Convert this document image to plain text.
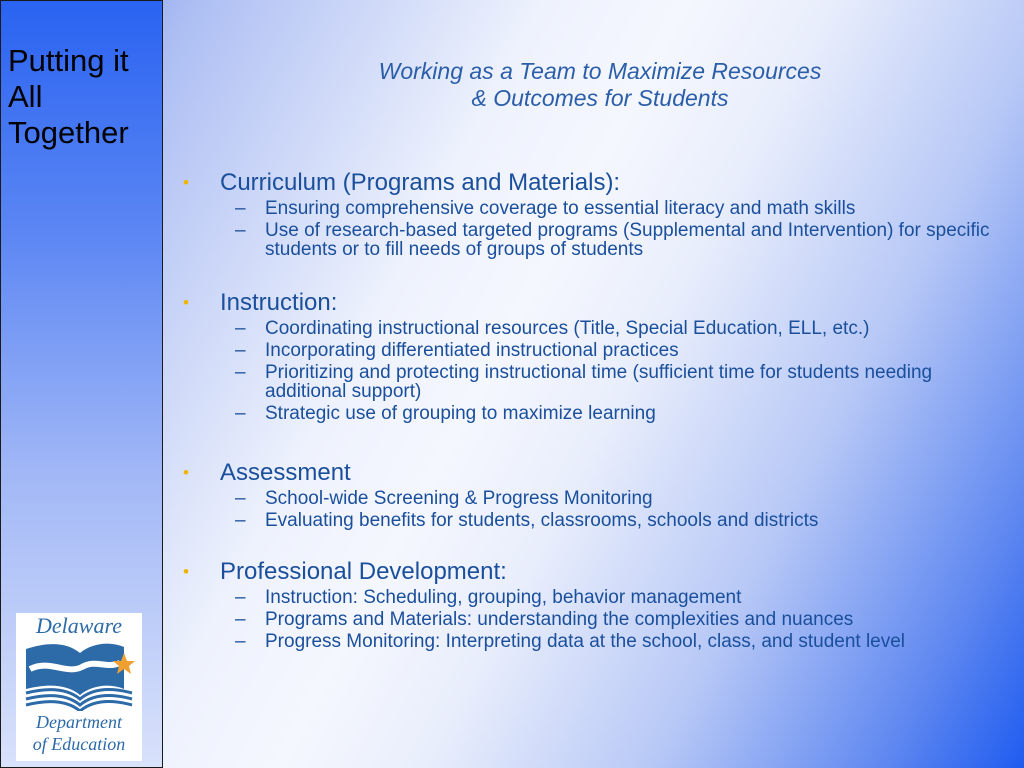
Putting it
All
Together
Delaware
Department
of Education
Working as a Team to Maximize Resources
& Outcomes for Students
• Curriculum (Programs and Materials):
– Ensuring comprehensive coverage to essential literacy and math skills
– Use of research-based targeted programs (Supplemental and Intervention) for specific students or to fill needs of groups of students
• Instruction:
– Coordinating instructional resources (Title, Special Education, ELL, etc.)
– Incorporating differentiated instructional practices
– Prioritizing and protecting instructional time (sufficient time for students needing additional support)
– Strategic use of grouping to maximize learning
• Assessment
– School-wide Screening & Progress Monitoring
– Evaluating benefits for students, classrooms, schools and districts
• Professional Development:
– Instruction: Scheduling, grouping, behavior management
– Programs and Materials: understanding the complexities and nuances
– Progress Monitoring: Interpreting data at the school, class, and student level
